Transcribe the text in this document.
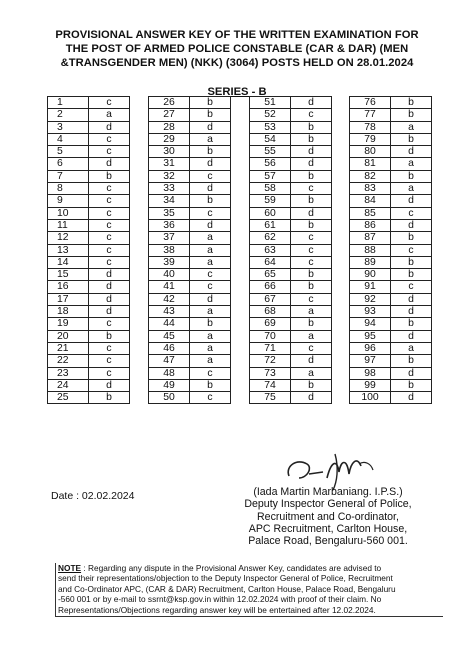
PROVISIONAL ANSWER KEY OF THE WRITTEN EXAMINATION FOR
THE POST OF ARMED POLICE CONSTABLE (CAR & DAR) (MEN
&TRANSGENDER MEN) (NKK) (3064) POSTS HELD ON 28.01.2024
SERIES - B
1	c
2	a
3	d
4	c
5	c
6	d
7	b
8	c
9	c
10	c
11	c
12	c
13	c
14	c
15	d
16	d
17	d
18	d
19	c
20	b
21	c
22	c
23	c
24	d
25	b
26	b
27	b
28	d
29	a
30	b
31	d
32	c
33	d
34	b
35	c
36	d
37	a
38	a
39	a
40	c
41	c
42	d
43	a
44	b
45	a
46	a
47	a
48	c
49	b
50	c
51	d
52	c
53	b
54	b
55	d
56	d
57	b
58	c
59	b
60	d
61	b
62	c
63	c
64	c
65	b
66	b
67	c
68	a
69	b
70	a
71	c
72	d
73	a
74	b
75	d
76	b
77	b
78	a
79	b
80	d
81	a
82	b
83	a
84	d
85	c
86	d
87	b
88	c
89	b
90	b
91	c
92	d
93	d
94	b
95	d
96	a
97	b
98	d
99	b
100	d
Date : 02.02.2024	(Iada Martin Marbaniang. I.P.S.)
Deputy Inspector General of Police,
Recruitment and Co-ordinator,
APC Recruitment, Carlton House,
Palace Road, Bengaluru-560 001.
NOTE : Regarding any dispute in the Provisional Answer Key, candidates are advised to
send their representations/objection to the Deputy Inspector General of Police, Recruitment
and Co-Ordinator APC, (CAR & DAR) Recruitment, Carlton House, Palace Road, Bengaluru
-560 001 or by e-mail to ssrnt@ksp.gov.in within 12.02.2024 with proof of their claim. No
Representations/Objections regarding answer key will be entertained after 12.02.2024.
